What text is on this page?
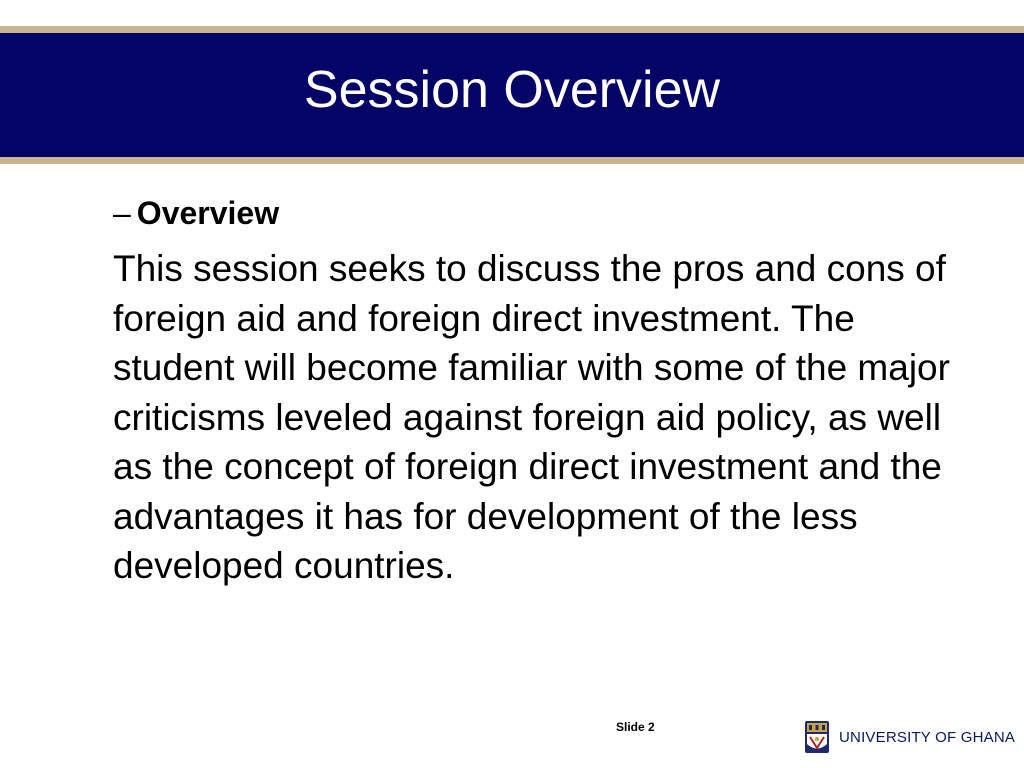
Session Overview
– Overview
This session seeks to discuss the pros and cons of foreign aid and foreign direct investment. The student will become familiar with some of the major criticisms leveled against foreign aid policy, as well as the concept of foreign direct investment and the advantages it has for development of the less developed countries.
Slide 2
UNIVERSITY OF GHANA
